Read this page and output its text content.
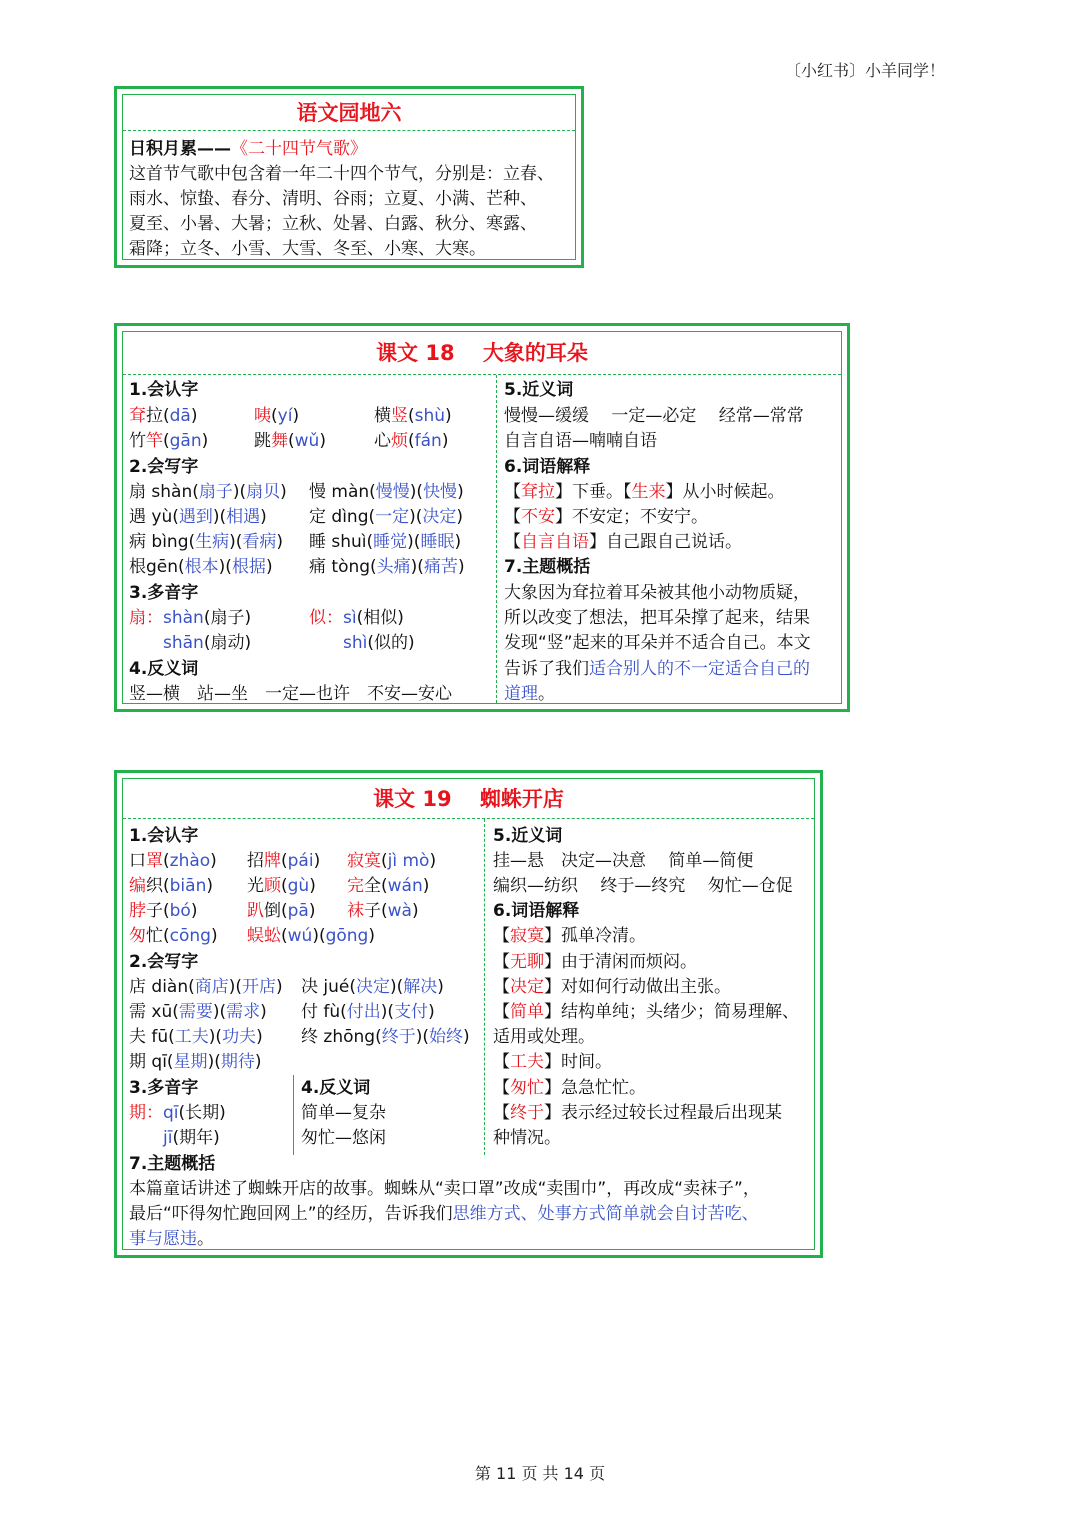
〔小红书〕小羊同学！
语文园地六
日积月累——《二十四节气歌》
这首节气歌中包含着一年二十四个节气，分别是：立春、
雨水、惊蛰、春分、清明、谷雨；立夏、小满、芒种、
夏至、小暑、大暑；立秋、处暑、白露、秋分、寒露、
霜降；立冬、小雪、大雪、冬至、小寒、大寒。
课文 18　 大象的耳朵
1.会认字
耷拉(dā)	咦(yí)	横竖(shù)
竹竿(gān)	跳舞(wǔ)	心烦(fán)
2.会写字
扇 shàn(扇子)(扇贝) 慢 màn(慢慢)(快慢)
遇 yù(遇到)(相遇) 定 dìng(一定)(决定)
病 bìng(生病)(看病) 睡 shuì(睡觉)(睡眠)
根gēn(根本)(根据) 痛 tòng(头痛)(痛苦)
3.多音字
扇：shàn(扇子)
shān(扇动)
似：sì(相似)
shì(似的)
4.反义词
竖—横　站—坐　一定—也许　不安—安心
5.近义词
慢慢—缓缓　 一定—必定　 经常—常常
自言自语—喃喃自语
6.词语解释
【耷拉】下垂。【生来】从小时候起。
【不安】不安定；不安宁。
【自言自语】自己跟自己说话。
7.主题概括
大象因为耷拉着耳朵被其他小动物质疑，
所以改变了想法，把耳朵撑了起来，结果
发现“竖”起来的耳朵并不适合自己。本文
告诉了我们适合别人的不一定适合自己的
道理。
课文 19　 蜘蛛开店
1.会认字
口罩(zhào) 招牌(pái) 寂寞(jì mò)
编织(biān) 光顾(gù) 完全(wán)
脖子(bó)	趴倒(pā) 袜子(wà)
匆忙(cōng) 蜈蚣(wú)(gōng)
2.会写字
店 diàn(商店)(开店) 决 jué(决定)(解决)
需 xū(需要)(需求) 付 fù(付出)(支付)
夫 fū(工夫)(功夫) 终 zhōng(终于)(始终)
期 qī(星期)(期待)
3.多音字
期：qī(长期)
jī(期年)
4.反义词
简单—复杂
匆忙—悠闲
5.近义词
挂—悬　决定—决意　 简单—简便
编织—纺织　 终于—终究　 匆忙—仓促
6.词语解释
【寂寞】孤单冷清。
【无聊】由于清闲而烦闷。
【决定】对如何行动做出主张。
【简单】结构单纯；头绪少；简易理解、
适用或处理。
【工夫】时间。
【匆忙】急急忙忙。
【终于】表示经过较长过程最后出现某
种情况。
7.主题概括
本篇童话讲述了蜘蛛开店的故事。蜘蛛从“卖口罩”改成“卖围巾”，再改成“卖袜子”，
最后“吓得匆忙跑回网上”的经历，告诉我们思维方式、处事方式简单就会自讨苦吃、
事与愿违。
第 11 页 共 14 页
